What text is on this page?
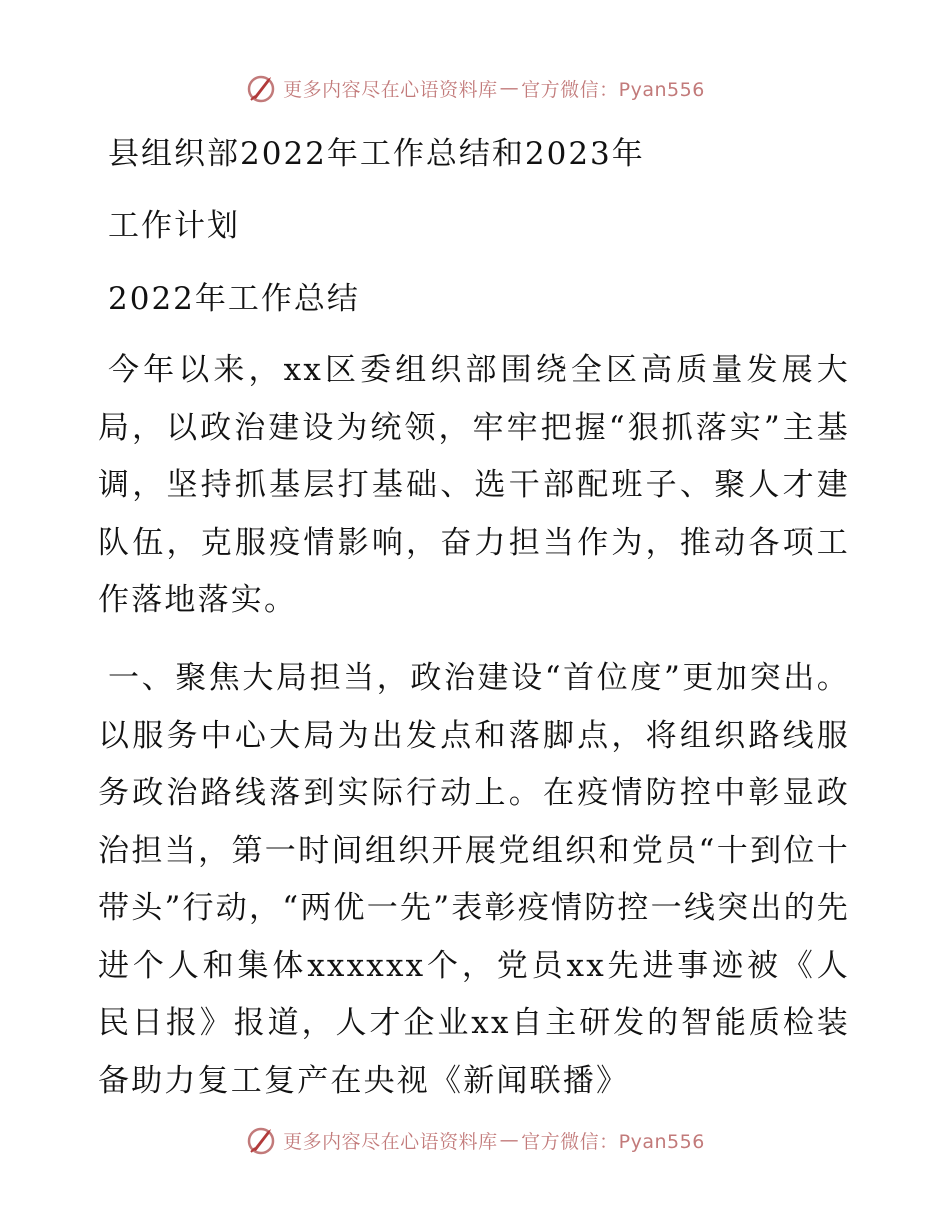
更多内容尽在心语资料库 — 官方微信：Pyan556
县组织部2022年工作总结和2023年
工作计划
2022年工作总结

今年以来，xx区委组织部围绕全区高质量发展大局，以政治建设为统领，牢牢把握“狠抓落实”主基调，坚持抓基层打基础、选干部配班子、聚人才建队伍，克服疫情影响，奋力担当作为，推动各项工作落地落实。

一、聚焦大局担当，政治建设“首位度”更加突出。以服务中心大局为出发点和落脚点，将组织路线服务政治路线落到实际行动上。在疫情防控中彰显政治担当，第一时间组织开展党组织和党员“十到位十带头”行动，“两优一先”表彰疫情防控一线突出的先进个人和集体xxxxxx个，党员xx先进事迹被《人民日报》报道，人才企业xx自主研发的智能质检装备助力复工复产在央视《新闻联播》

更多内容尽在心语资料库 — 官方微信：Pyan556
